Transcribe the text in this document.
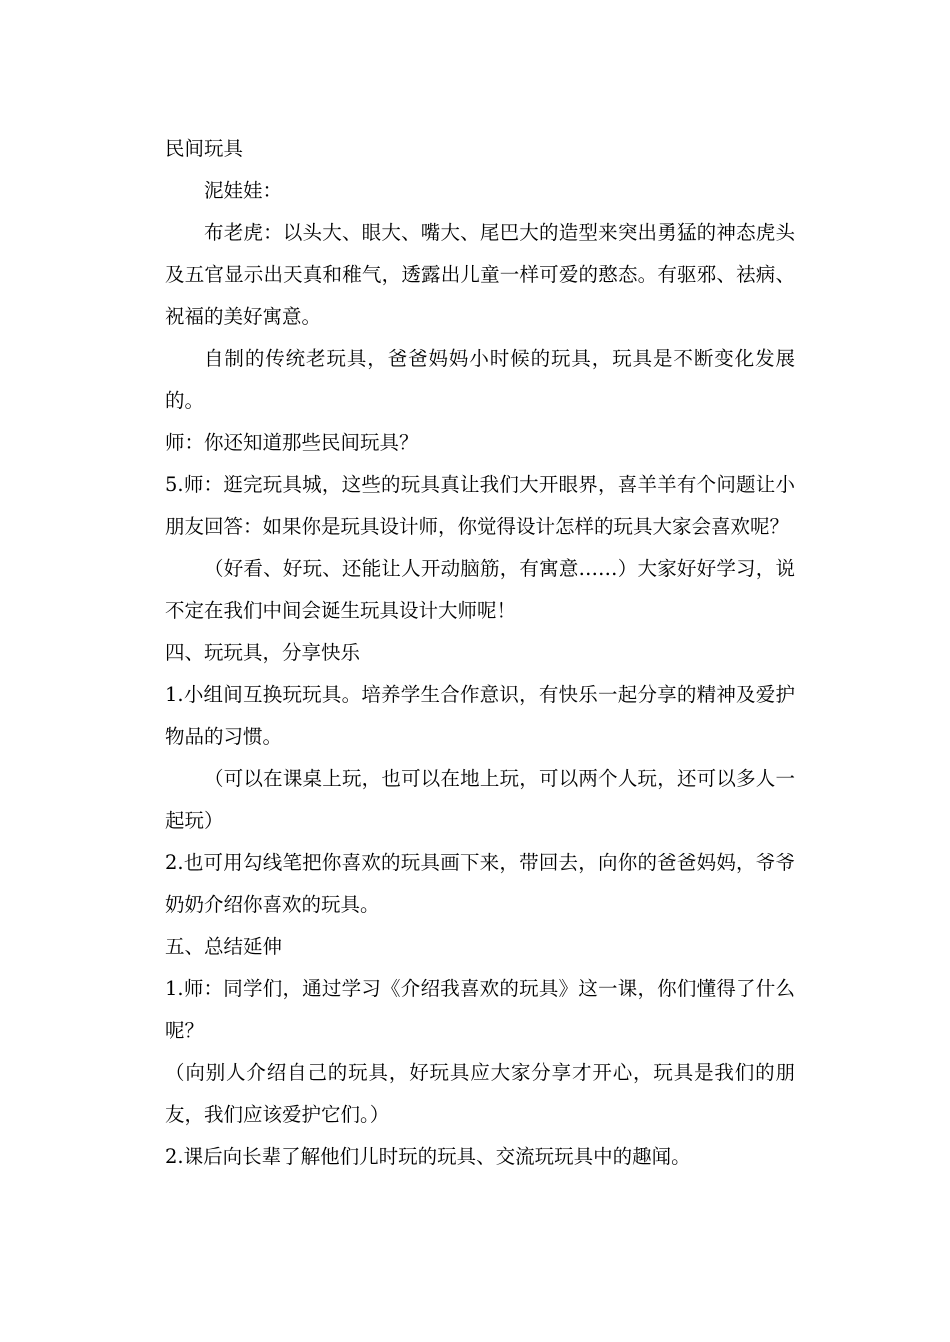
民间玩具

泥娃娃：

布老虎：以头大、眼大、嘴大、尾巴大的造型来突出勇猛的神态虎头及五官显示出天真和稚气，透露出儿童一样可爱的憨态。有驱邪、祛病、祝福的美好寓意。

自制的传统老玩具，爸爸妈妈小时候的玩具，玩具是不断变化发展的。

师：你还知道那些民间玩具？

5.师：逛完玩具城，这些的玩具真让我们大开眼界，喜羊羊有个问题让小朋友回答：如果你是玩具设计师，你觉得设计怎样的玩具大家会喜欢呢？

（好看、好玩、还能让人开动脑筋，有寓意……）大家好好学习，说不定在我们中间会诞生玩具设计大师呢！

四、玩玩具，分享快乐

1.小组间互换玩玩具。培养学生合作意识，有快乐一起分享的精神及爱护物品的习惯。

（可以在课桌上玩，也可以在地上玩，可以两个人玩，还可以多人一起玩）

2.也可用勾线笔把你喜欢的玩具画下来，带回去，向你的爸爸妈妈，爷爷奶奶介绍你喜欢的玩具。

五、总结延伸

1.师：同学们，通过学习《介绍我喜欢的玩具》这一课，你们懂得了什么呢？

（向别人介绍自己的玩具，好玩具应大家分享才开心，玩具是我们的朋友，我们应该爱护它们。）

2.课后向长辈了解他们儿时玩的玩具、交流玩玩具中的趣闻。
